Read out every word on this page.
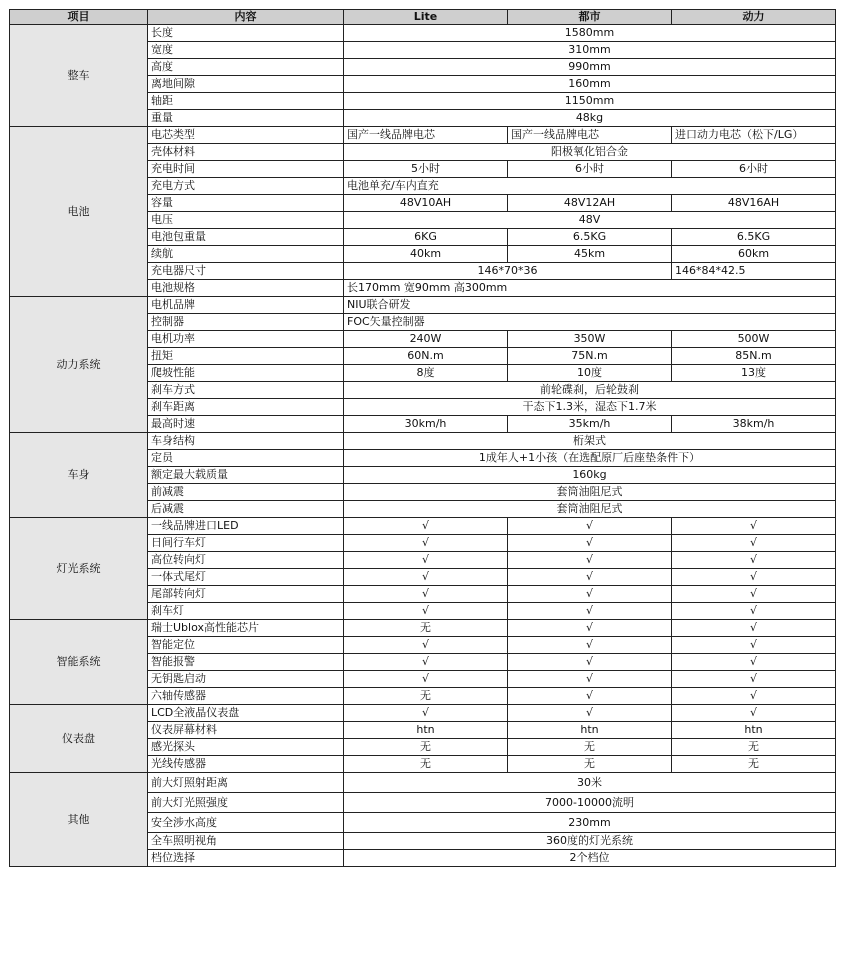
项目	内容	Lite	都市	动力
整车	长度	1580mm		
	宽度	310mm		
	高度	990mm		
	离地间隙	160mm		
	轴距	1150mm		
	重量	48kg		
电池	电芯类型	国产一线品牌电芯	国产一线品牌电芯	进口动力电芯（松下/LG）
	壳体材料	阳极氧化铝合金		
	充电时间	5小时	6小时	6小时
	充电方式	电池单充/车内直充		
	容量	48V10AH	48V12AH	48V16AH
	电压	48V		
	电池包重量	6KG	6.5KG	6.5KG
	续航	40km	45km	60km
	充电器尺寸	146*70*36		146*84*42.5
	电池规格	长170mm 宽90mm 高300mm		
动力系统	电机品牌	NIU联合研发		
	控制器	FOC矢量控制器		
	电机功率	240W	350W	500W
	扭矩	60N.m	75N.m	85N.m
	爬坡性能	8度	10度	13度
	刹车方式	前轮碟刹，后轮鼓刹		
	刹车距离	干态下1.3米，湿态下1.7米		
	最高时速	30km/h	35km/h	38km/h
车身	车身结构	桁架式		
	定员	1成年人+1小孩（在选配原厂后座垫条件下）		
	额定最大载质量	160kg		
	前减震	套筒油阻尼式		
	后减震	套筒油阻尼式		
灯光系统	一线品牌进口LED	√	√	√
	日间行车灯	√	√	√
	高位转向灯	√	√	√
	一体式尾灯	√	√	√
	尾部转向灯	√	√	√
	刹车灯	√	√	√
智能系统	瑞士Ublox高性能芯片	无	√	√
	智能定位	√	√	√
	智能报警	√	√	√
	无钥匙启动	√	√	√
	六轴传感器	无	√	√
仪表盘	LCD全液晶仪表盘	√	√	√
	仪表屏幕材料	htn	htn	htn
	感光探头	无	无	无
	光线传感器	无	无	无
其他	前大灯照射距离	30米		
	前大灯光照强度	7000-10000流明		
	安全涉水高度	230mm		
	全车照明视角	360度的灯光系统		
	档位选择	2个档位		
